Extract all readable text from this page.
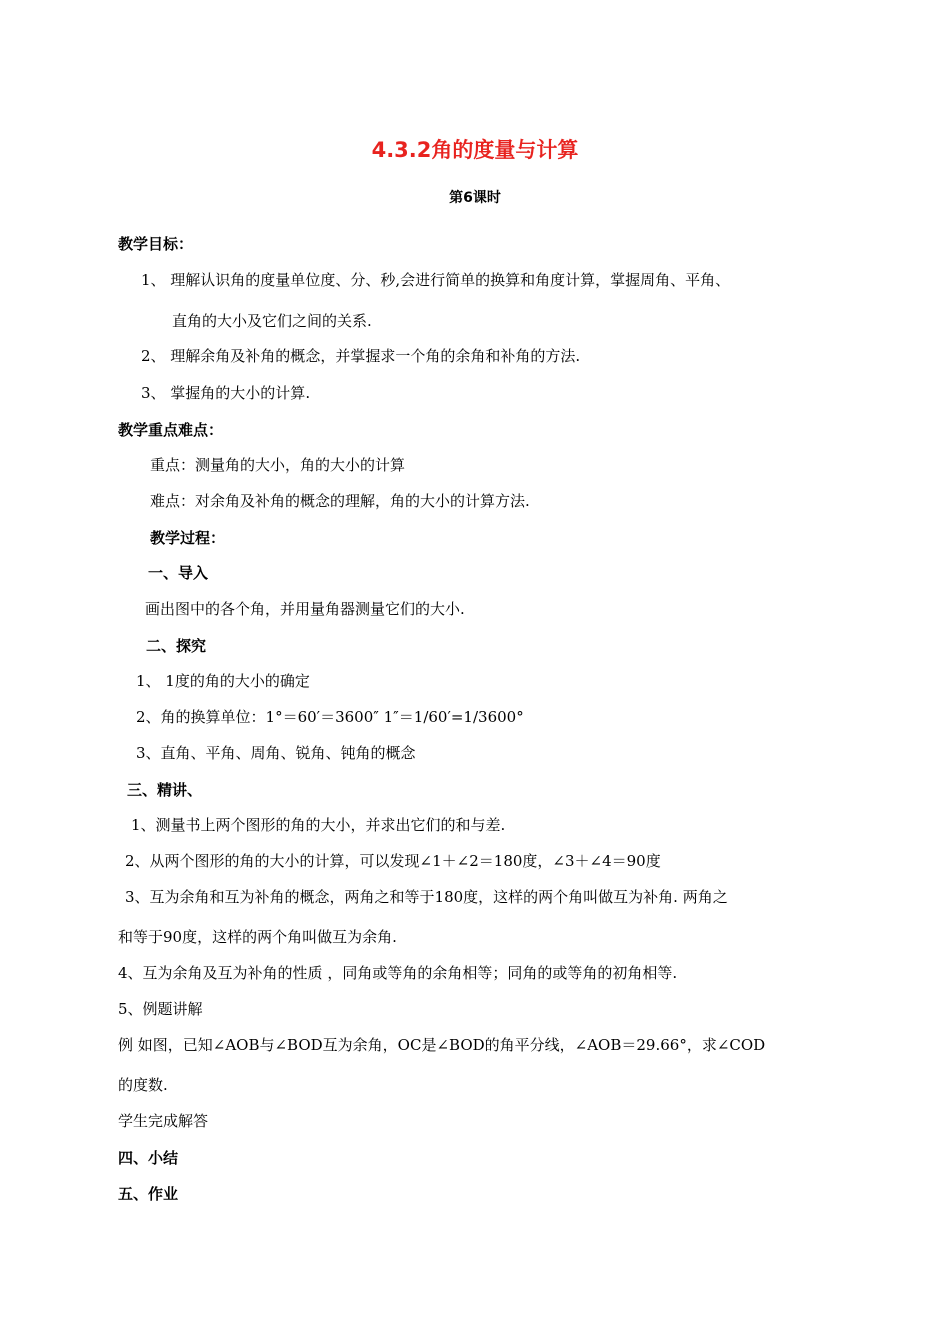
4.3.2角的度量与计算
第6课时
教学目标：
1、 理解认识角的度量单位度、分、秒,会进行简单的换算和角度计算，掌握周角、平角、
直角的大小及它们之间的关系.
2、 理解余角及补角的概念，并掌握求一个角的余角和补角的方法.
3、 掌握角的大小的计算.
教学重点难点：
重点：测量角的大小，角的大小的计算
难点：对余角及补角的概念的理解，角的大小的计算方法.
教学过程：
一、导入
画出图中的各个角，并用量角器测量它们的大小.
二、探究
1、 1度的角的大小的确定
2、角的换算单位：1°＝60′＝3600″ 1″＝1/60′=1/3600°
3、直角、平角、周角、锐角、钝角的概念
三、精讲、
1、测量书上两个图形的角的大小，并求出它们的和与差.
2、从两个图形的角的大小的计算，可以发现∠1＋∠2＝180度，∠3＋∠4＝90度
3、互为余角和互为补角的概念，两角之和等于180度，这样的两个角叫做互为补角. 两角之
和等于90度，这样的两个角叫做互为余角.
4、互为余角及互为补角的性质 ，同角或等角的余角相等；同角的或等角的初角相等.
5、例题讲解
例 如图，已知∠AOB与∠BOD互为余角，OC是∠BOD的角平分线，∠AOB＝29.66°，求∠COD
的度数.
学生完成解答
四、小结
五、作业
